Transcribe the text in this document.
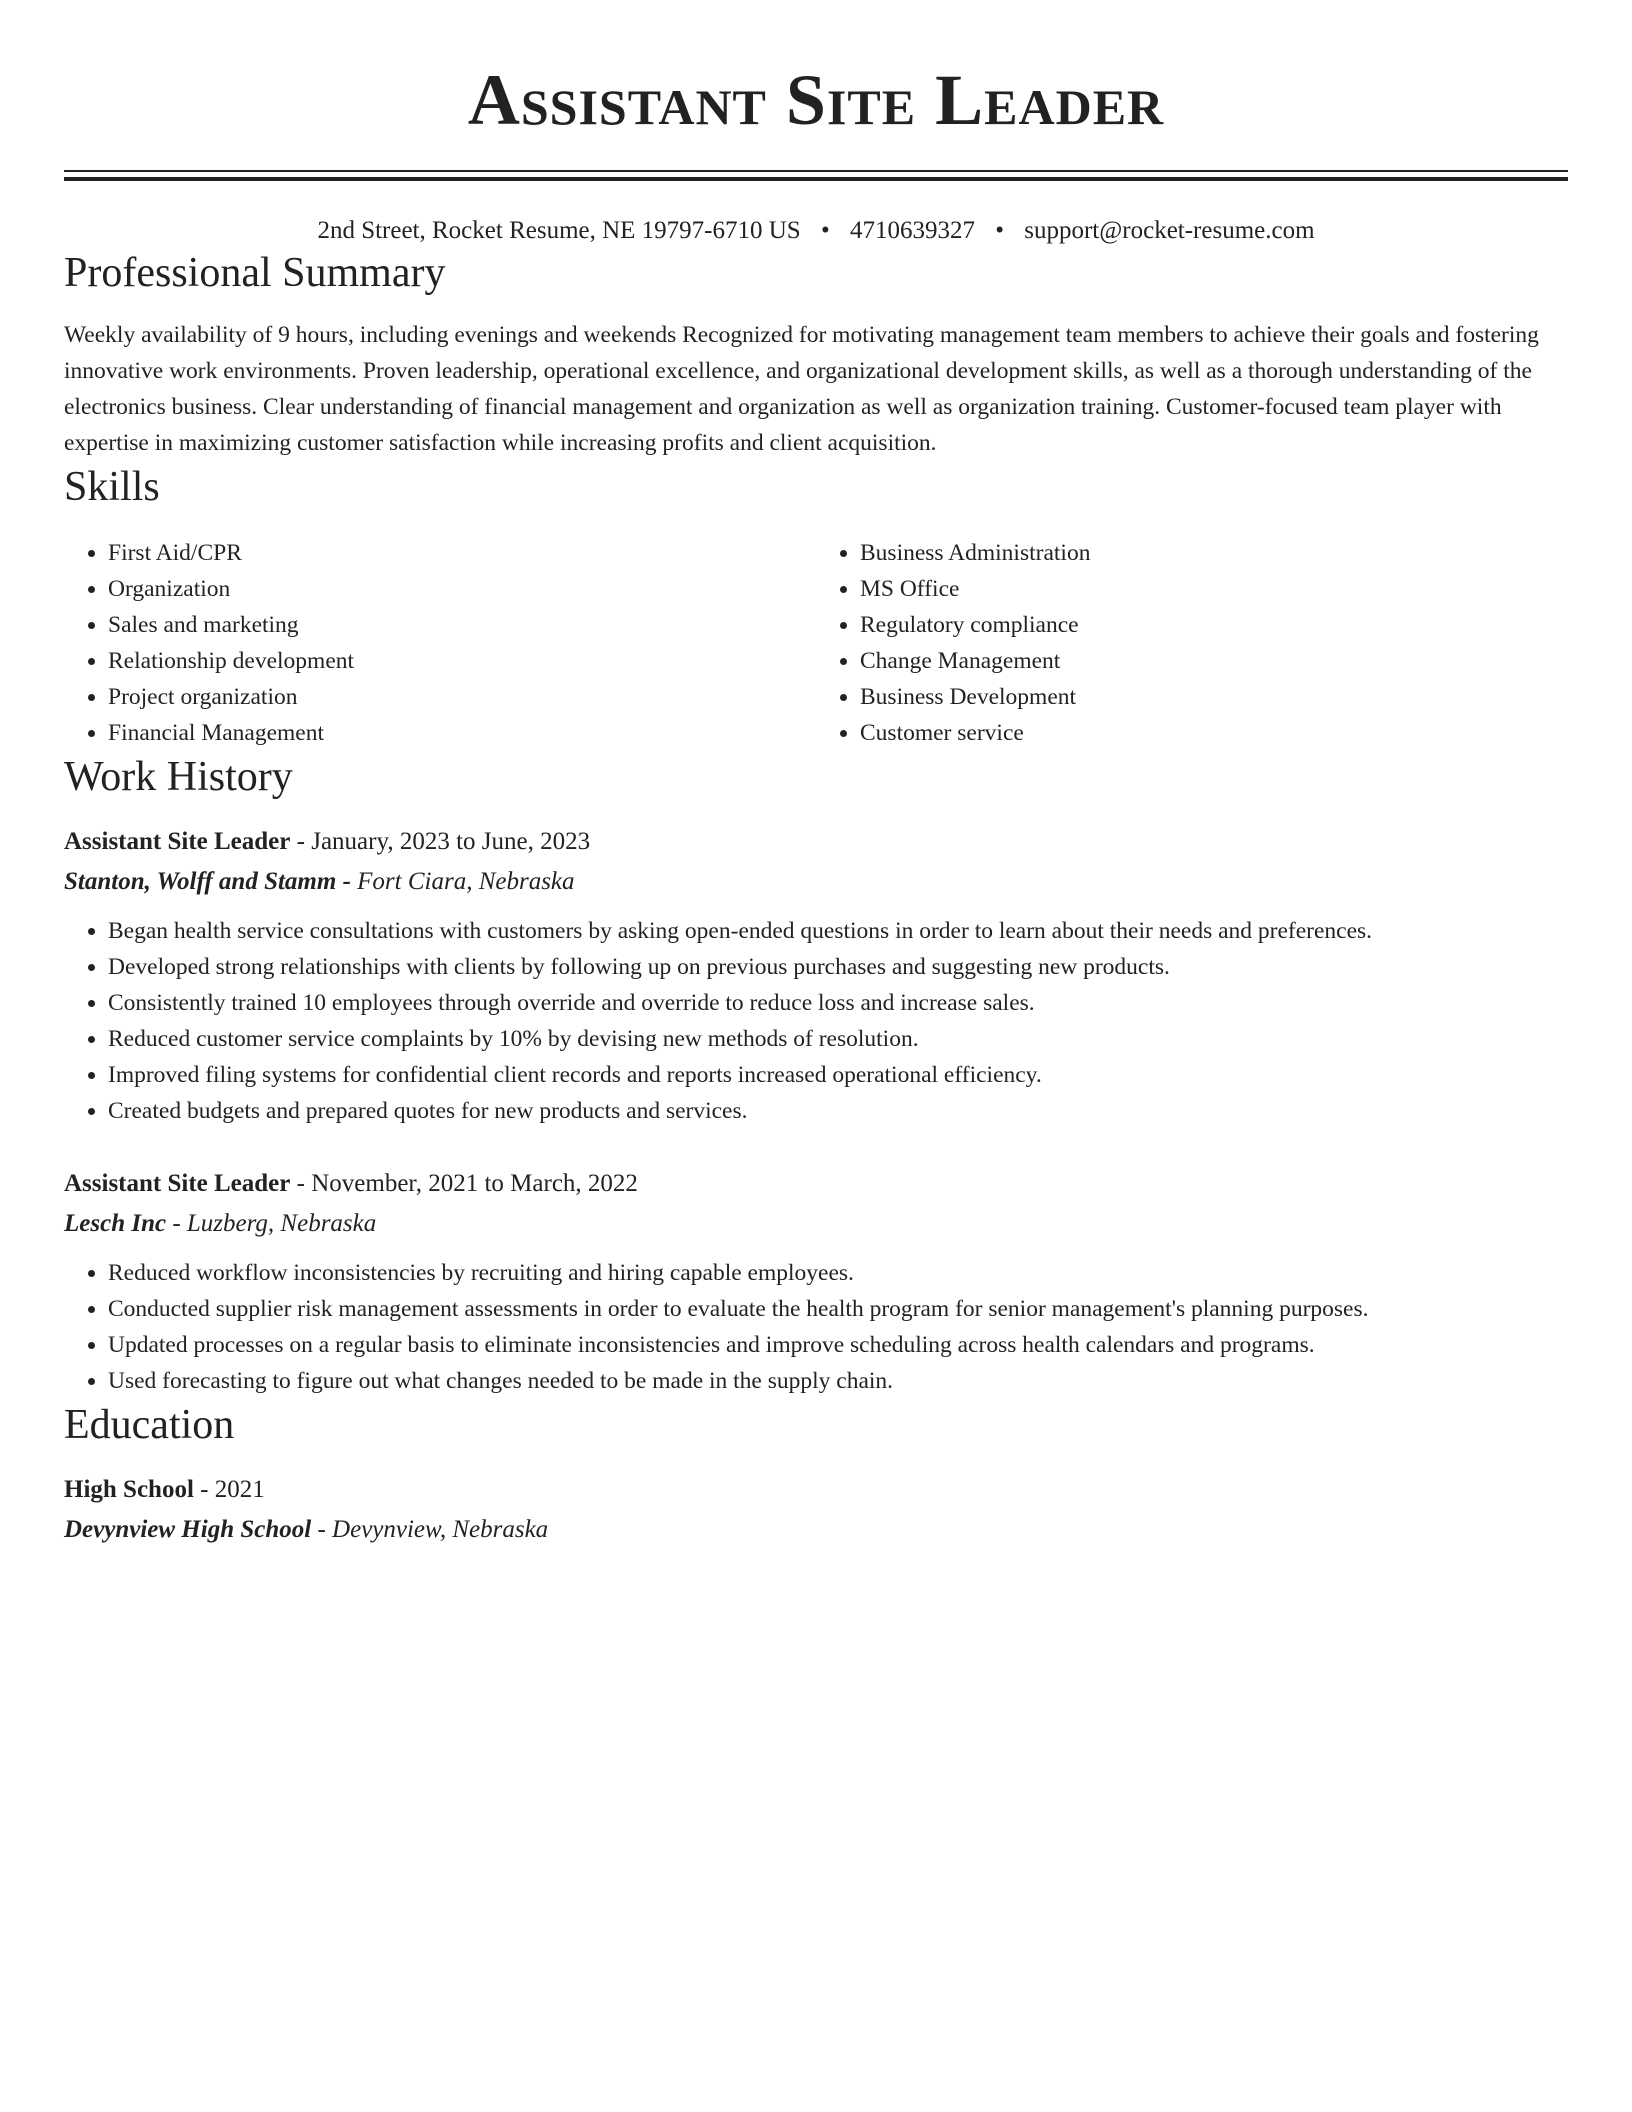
Assistant Site Leader
2nd Street, Rocket Resume, NE 19797-6710 US • 4710639327 • support@rocket-resume.com
Professional Summary
Weekly availability of 9 hours, including evenings and weekends Recognized for motivating management team members to achieve their goals and fostering innovative work environments. Proven leadership, operational excellence, and organizational development skills, as well as a thorough understanding of the electronics business. Clear understanding of financial management and organization as well as organization training. Customer-focused team player with expertise in maximizing customer satisfaction while increasing profits and client acquisition.
Skills
• First Aid/CPR
• Organization
• Sales and marketing
• Relationship development
• Project organization
• Financial Management
• Business Administration
• MS Office
• Regulatory compliance
• Change Management
• Business Development
• Customer service
Work History
Assistant Site Leader - January, 2023 to June, 2023
Stanton, Wolff and Stamm - Fort Ciara, Nebraska
• Began health service consultations with customers by asking open-ended questions in order to learn about their needs and preferences.
• Developed strong relationships with clients by following up on previous purchases and suggesting new products.
• Consistently trained 10 employees through override and override to reduce loss and increase sales.
• Reduced customer service complaints by 10% by devising new methods of resolution.
• Improved filing systems for confidential client records and reports increased operational efficiency.
• Created budgets and prepared quotes for new products and services.
Assistant Site Leader - November, 2021 to March, 2022
Lesch Inc - Luzberg, Nebraska
• Reduced workflow inconsistencies by recruiting and hiring capable employees.
• Conducted supplier risk management assessments in order to evaluate the health program for senior management's planning purposes.
• Updated processes on a regular basis to eliminate inconsistencies and improve scheduling across health calendars and programs.
• Used forecasting to figure out what changes needed to be made in the supply chain.
Education
High School - 2021
Devynview High School - Devynview, Nebraska
